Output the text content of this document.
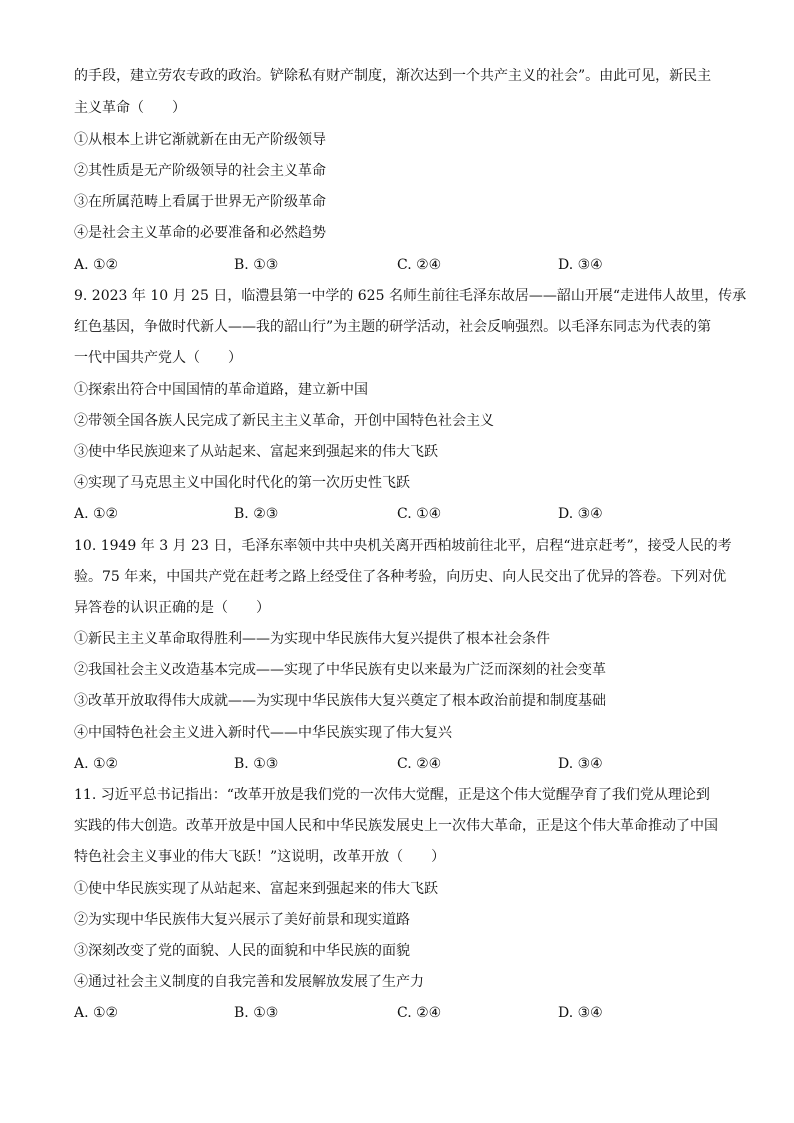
的手段，建立劳农专政的政治。铲除私有财产制度，渐次达到一个共产主义的社会”。由此可见，新民主
主义革命（　　）
①从根本上讲它渐就新在由无产阶级领导
②其性质是无产阶级领导的社会主义革命
③在所属范畴上看属于世界无产阶级革命
④是社会主义革命的必要准备和必然趋势
A. ①②	B. ①③	C. ②④	D. ③④
9. 2023 年 10 月 25 日，临澧县第一中学的 625 名师生前往毛泽东故居——韶山开展“走进伟人故里，传承
红色基因，争做时代新人——我的韶山行”为主题的研学活动，社会反响强烈。以毛泽东同志为代表的第
一代中国共产党人（　　）
①探索出符合中国国情的革命道路，建立新中国
②带领全国各族人民完成了新民主主义革命，开创中国特色社会主义
③使中华民族迎来了从站起来、富起来到强起来的伟大飞跃
④实现了马克思主义中国化时代化的第一次历史性飞跃
A. ①②	B. ②③	C. ①④	D. ③④
10. 1949 年 3 月 23 日，毛泽东率领中共中央机关离开西柏坡前往北平，启程“进京赶考”，接受人民的考
验。75 年来，中国共产党在赶考之路上经受住了各种考验，向历史、向人民交出了优异的答卷。下列对优
异答卷的认识正确的是（　　）
①新民主主义革命取得胜利——为实现中华民族伟大复兴提供了根本社会条件
②我国社会主义改造基本完成——实现了中华民族有史以来最为广泛而深刻的社会变革
③改革开放取得伟大成就——为实现中华民族伟大复兴奠定了根本政治前提和制度基础
④中国特色社会主义进入新时代——中华民族实现了伟大复兴
A. ①②	B. ①③	C. ②④	D. ③④
11. 习近平总书记指出：“改革开放是我们党的一次伟大觉醒，正是这个伟大觉醒孕育了我们党从理论到
实践的伟大创造。改革开放是中国人民和中华民族发展史上一次伟大革命，正是这个伟大革命推动了中国
特色社会主义事业的伟大飞跃！”这说明，改革开放（　　）
①使中华民族实现了从站起来、富起来到强起来的伟大飞跃
②为实现中华民族伟大复兴展示了美好前景和现实道路
③深刻改变了党的面貌、人民的面貌和中华民族的面貌
④通过社会主义制度的自我完善和发展解放发展了生产力
A. ①②	B. ①③	C. ②④	D. ③④
